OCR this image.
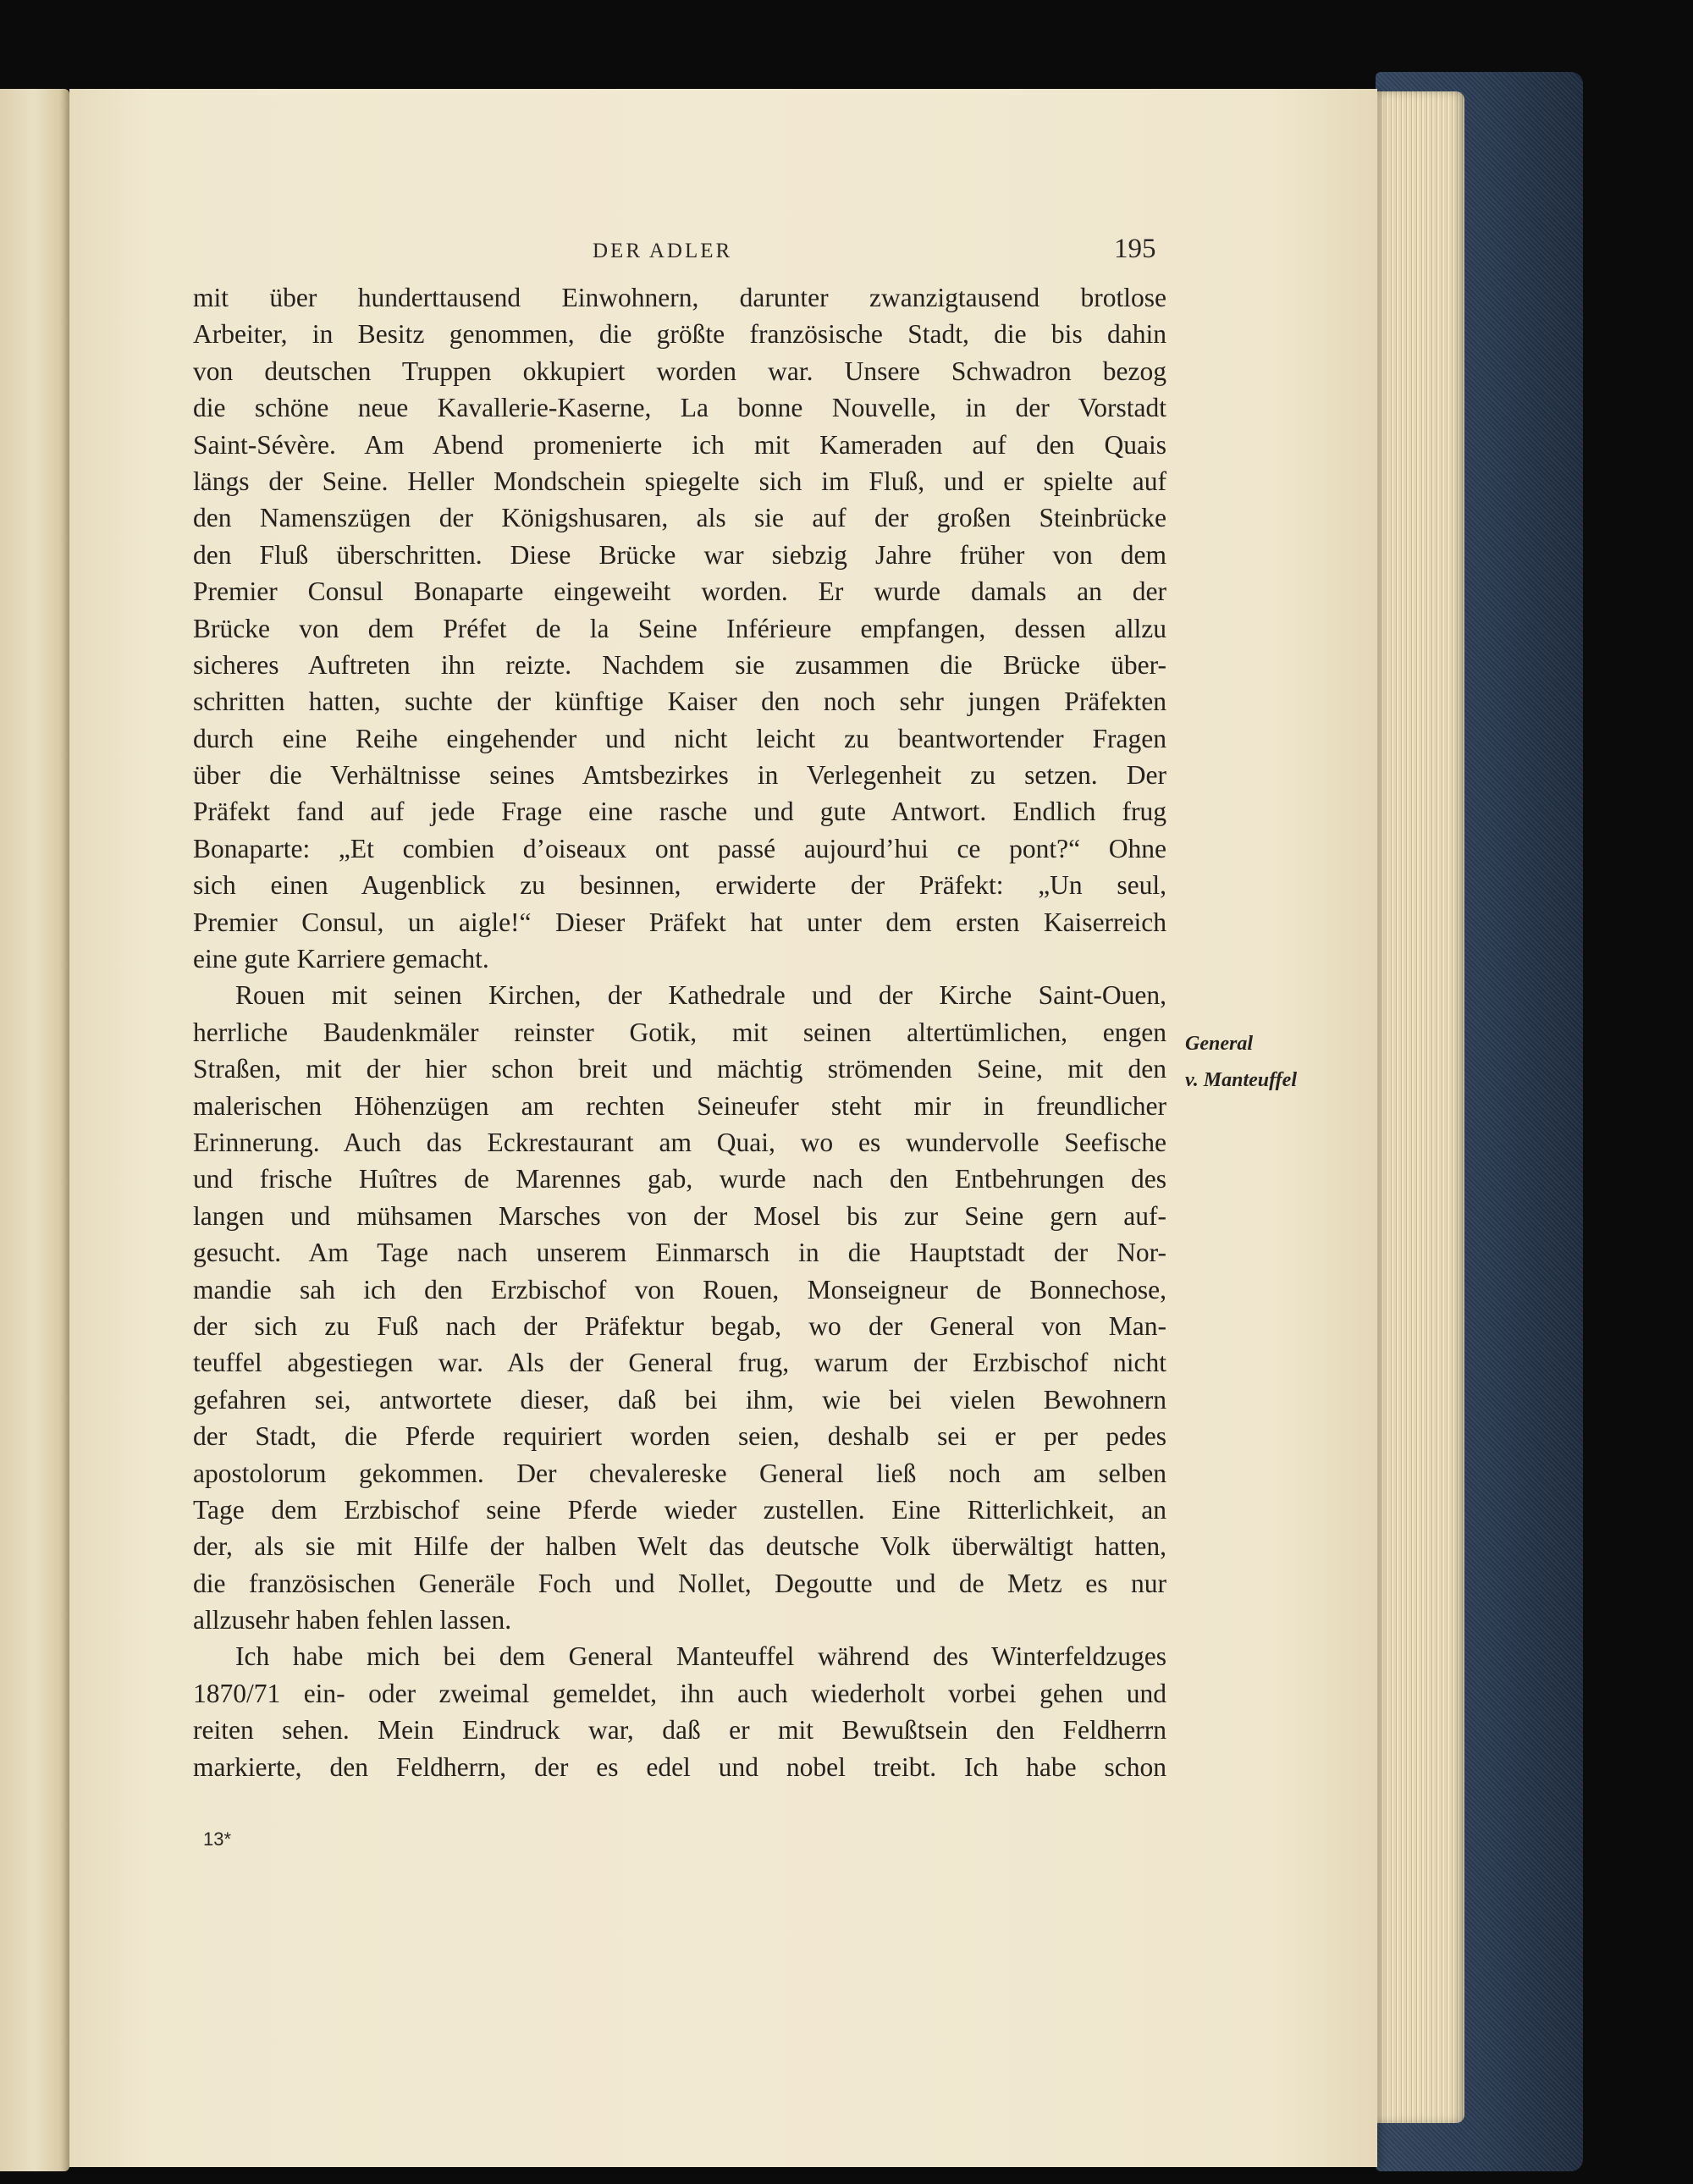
DER ADLER	195
mit über hunderttausend Einwohnern, darunter zwanzigtausend brotlose
Arbeiter, in Besitz genommen, die größte französische Stadt, die bis dahin
von deutschen Truppen okkupiert worden war. Unsere Schwadron bezog
die schöne neue Kavallerie-Kaserne, La bonne Nouvelle, in der Vorstadt
Saint-Sévère. Am Abend promenierte ich mit Kameraden auf den Quais
längs der Seine. Heller Mondschein spiegelte sich im Fluß, und er spielte auf
den Namenszügen der Königshusaren, als sie auf der großen Steinbrücke
den Fluß überschritten. Diese Brücke war siebzig Jahre früher von dem
Premier Consul Bonaparte eingeweiht worden. Er wurde damals an der
Brücke von dem Préfet de la Seine Inférieure empfangen, dessen allzu
sicheres Auftreten ihn reizte. Nachdem sie zusammen die Brücke über-
schritten hatten, suchte der künftige Kaiser den noch sehr jungen Präfekten
durch eine Reihe eingehender und nicht leicht zu beantwortender Fragen
über die Verhältnisse seines Amtsbezirkes in Verlegenheit zu setzen. Der
Präfekt fand auf jede Frage eine rasche und gute Antwort. Endlich frug
Bonaparte: „Et combien d’oiseaux ont passé aujourd’hui ce pont?“ Ohne
sich einen Augenblick zu besinnen, erwiderte der Präfekt: „Un seul,
Premier Consul, un aigle!“ Dieser Präfekt hat unter dem ersten Kaiserreich
eine gute Karriere gemacht.
Rouen mit seinen Kirchen, der Kathedrale und der Kirche Saint-Ouen,
herrliche Baudenkmäler reinster Gotik, mit seinen altertümlichen, engen
Straßen, mit der hier schon breit und mächtig strömenden Seine, mit den
malerischen Höhenzügen am rechten Seineufer steht mir in freundlicher
Erinnerung. Auch das Eckrestaurant am Quai, wo es wundervolle Seefische
und frische Huîtres de Marennes gab, wurde nach den Entbehrungen des
langen und mühsamen Marsches von der Mosel bis zur Seine gern auf-
gesucht. Am Tage nach unserem Einmarsch in die Hauptstadt der Nor-
mandie sah ich den Erzbischof von Rouen, Monseigneur de Bonnechose,
der sich zu Fuß nach der Präfektur begab, wo der General von Man-
teuffel abgestiegen war. Als der General frug, warum der Erzbischof nicht
gefahren sei, antwortete dieser, daß bei ihm, wie bei vielen Bewohnern
der Stadt, die Pferde requiriert worden seien, deshalb sei er per pedes
apostolorum gekommen. Der chevalereske General ließ noch am selben
Tage dem Erzbischof seine Pferde wieder zustellen. Eine Ritterlichkeit, an
der, als sie mit Hilfe der halben Welt das deutsche Volk überwältigt hatten,
die französischen Generäle Foch und Nollet, Degoutte und de Metz es nur
allzusehr haben fehlen lassen.
Ich habe mich bei dem General Manteuffel während des Winterfeldzuges
1870/71 ein- oder zweimal gemeldet, ihn auch wiederholt vorbei gehen und
reiten sehen. Mein Eindruck war, daß er mit Bewußtsein den Feldherrn
markierte, den Feldherrn, der es edel und nobel treibt. Ich habe schon
General
v. Manteuffel
13*
